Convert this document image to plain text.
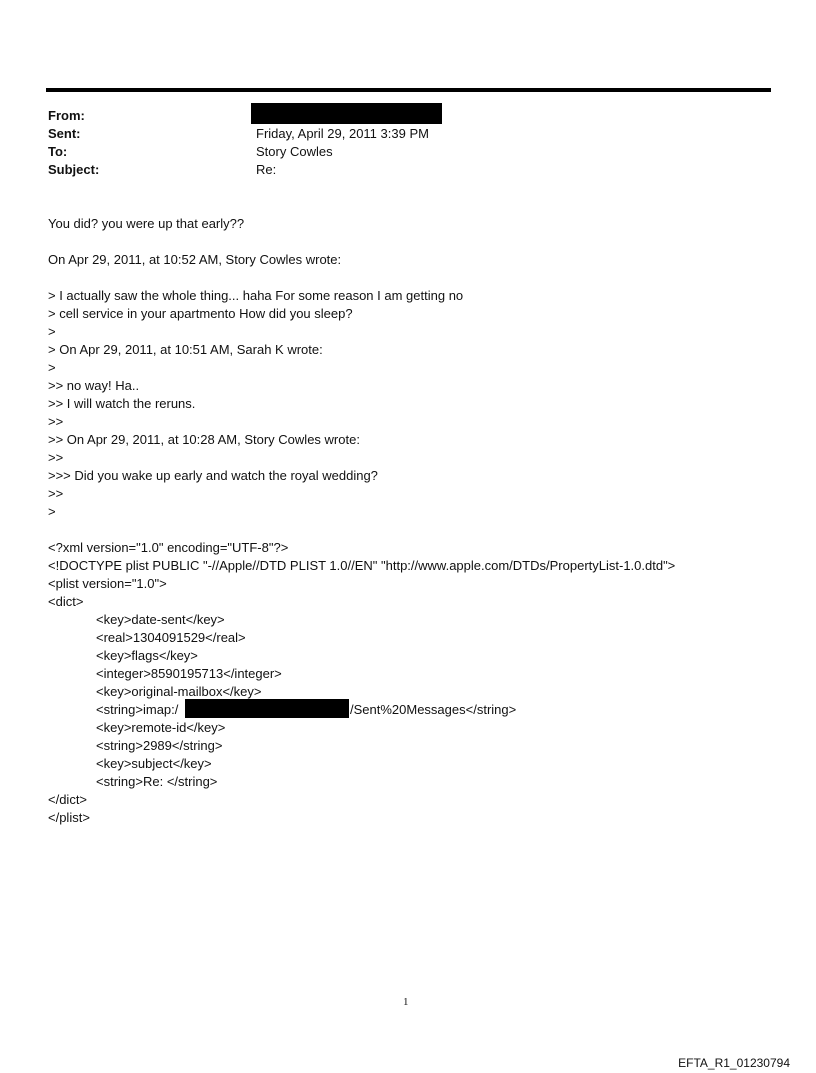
From:
Sent:	Friday, April 29, 2011 3:39 PM
To:	Story Cowles
Subject:	Re:
You did? you were up that early??
On Apr 29, 2011, at 10:52 AM, Story Cowles wrote:
> I actually saw the whole thing... haha For some reason I am getting no
> cell service in your apartmento How did you sleep?
>
> On Apr 29, 2011, at 10:51 AM, Sarah K wrote:
>
>> no way! Ha..
>> I will watch the reruns.
>>
>> On Apr 29, 2011, at 10:28 AM, Story Cowles wrote:
>>
>>> Did you wake up early and watch the royal wedding?
>>
>
<?xml version="1.0" encoding="UTF-8"?>
<!DOCTYPE plist PUBLIC "-//Apple//DTD PLIST 1.0//EN" "http://www.apple.com/DTDs/PropertyList-1.0.dtd">
<plist version="1.0">
<dict>
<key>date-sent</key>
<real>1304091529</real>
<key>flags</key>
<integer>8590195713</integer>
<key>original-mailbox</key>
<string>imap:/	/Sent%20Messages</string>
<key>remote-id</key>
<string>2989</string>
<key>subject</key>
<string>Re: </string>
</dict>
</plist>
1
EFTA_R1_01230794
